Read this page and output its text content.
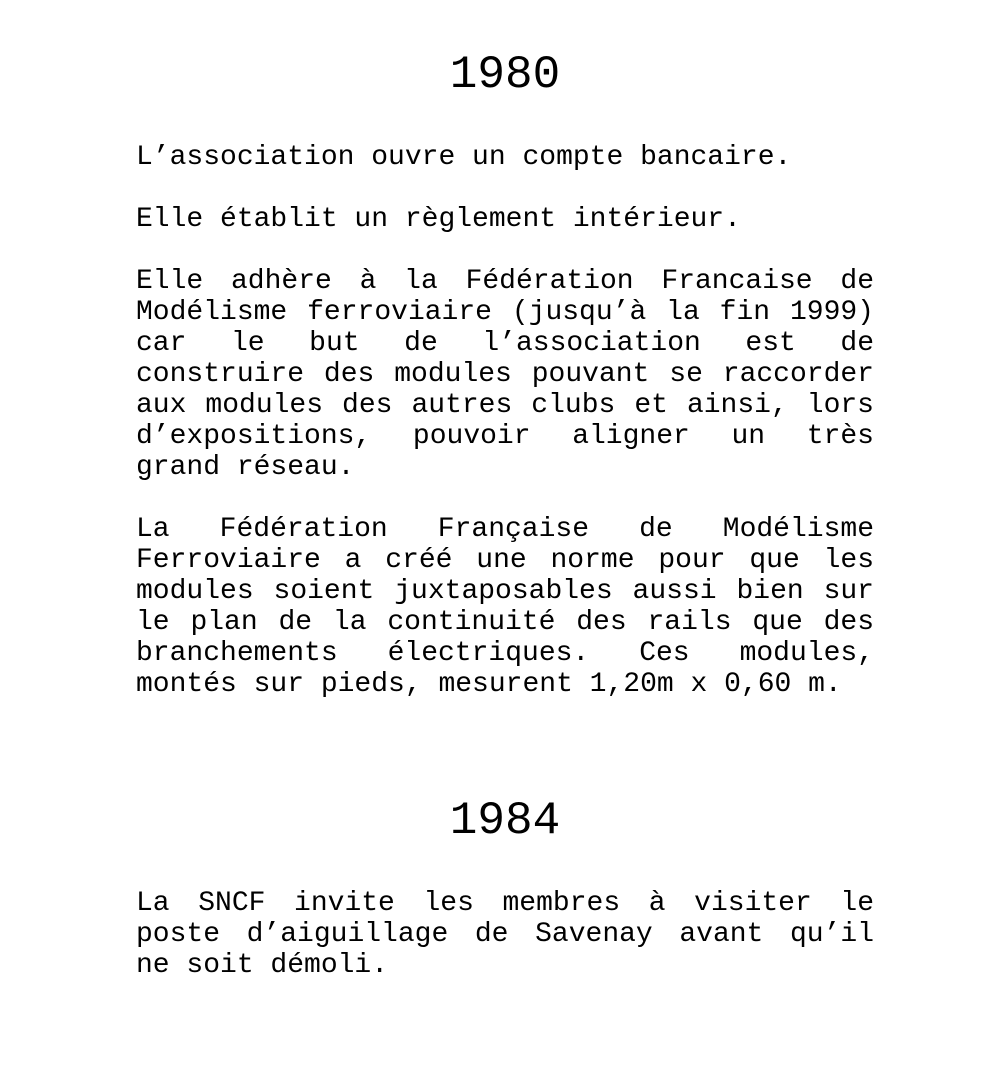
1980

L’association ouvre un compte bancaire.

Elle établit un règlement intérieur.

Elle adhère à la Fédération Francaise de Modélisme ferroviaire (jusqu’à la fin 1999) car le but de l’association est de construire des modules pouvant se raccorder aux modules des autres clubs et ainsi, lors d’expositions, pouvoir aligner un très grand réseau.

La Fédération Française de Modélisme Ferroviaire a créé une norme pour que les modules soient juxtaposables aussi bien sur le plan de la continuité des rails que des branchements électriques. Ces modules, montés sur pieds, mesurent 1,20m x 0,60 m.

1984

La SNCF invite les membres à visiter le poste d’aiguillage de Savenay avant qu’il ne soit démoli.
